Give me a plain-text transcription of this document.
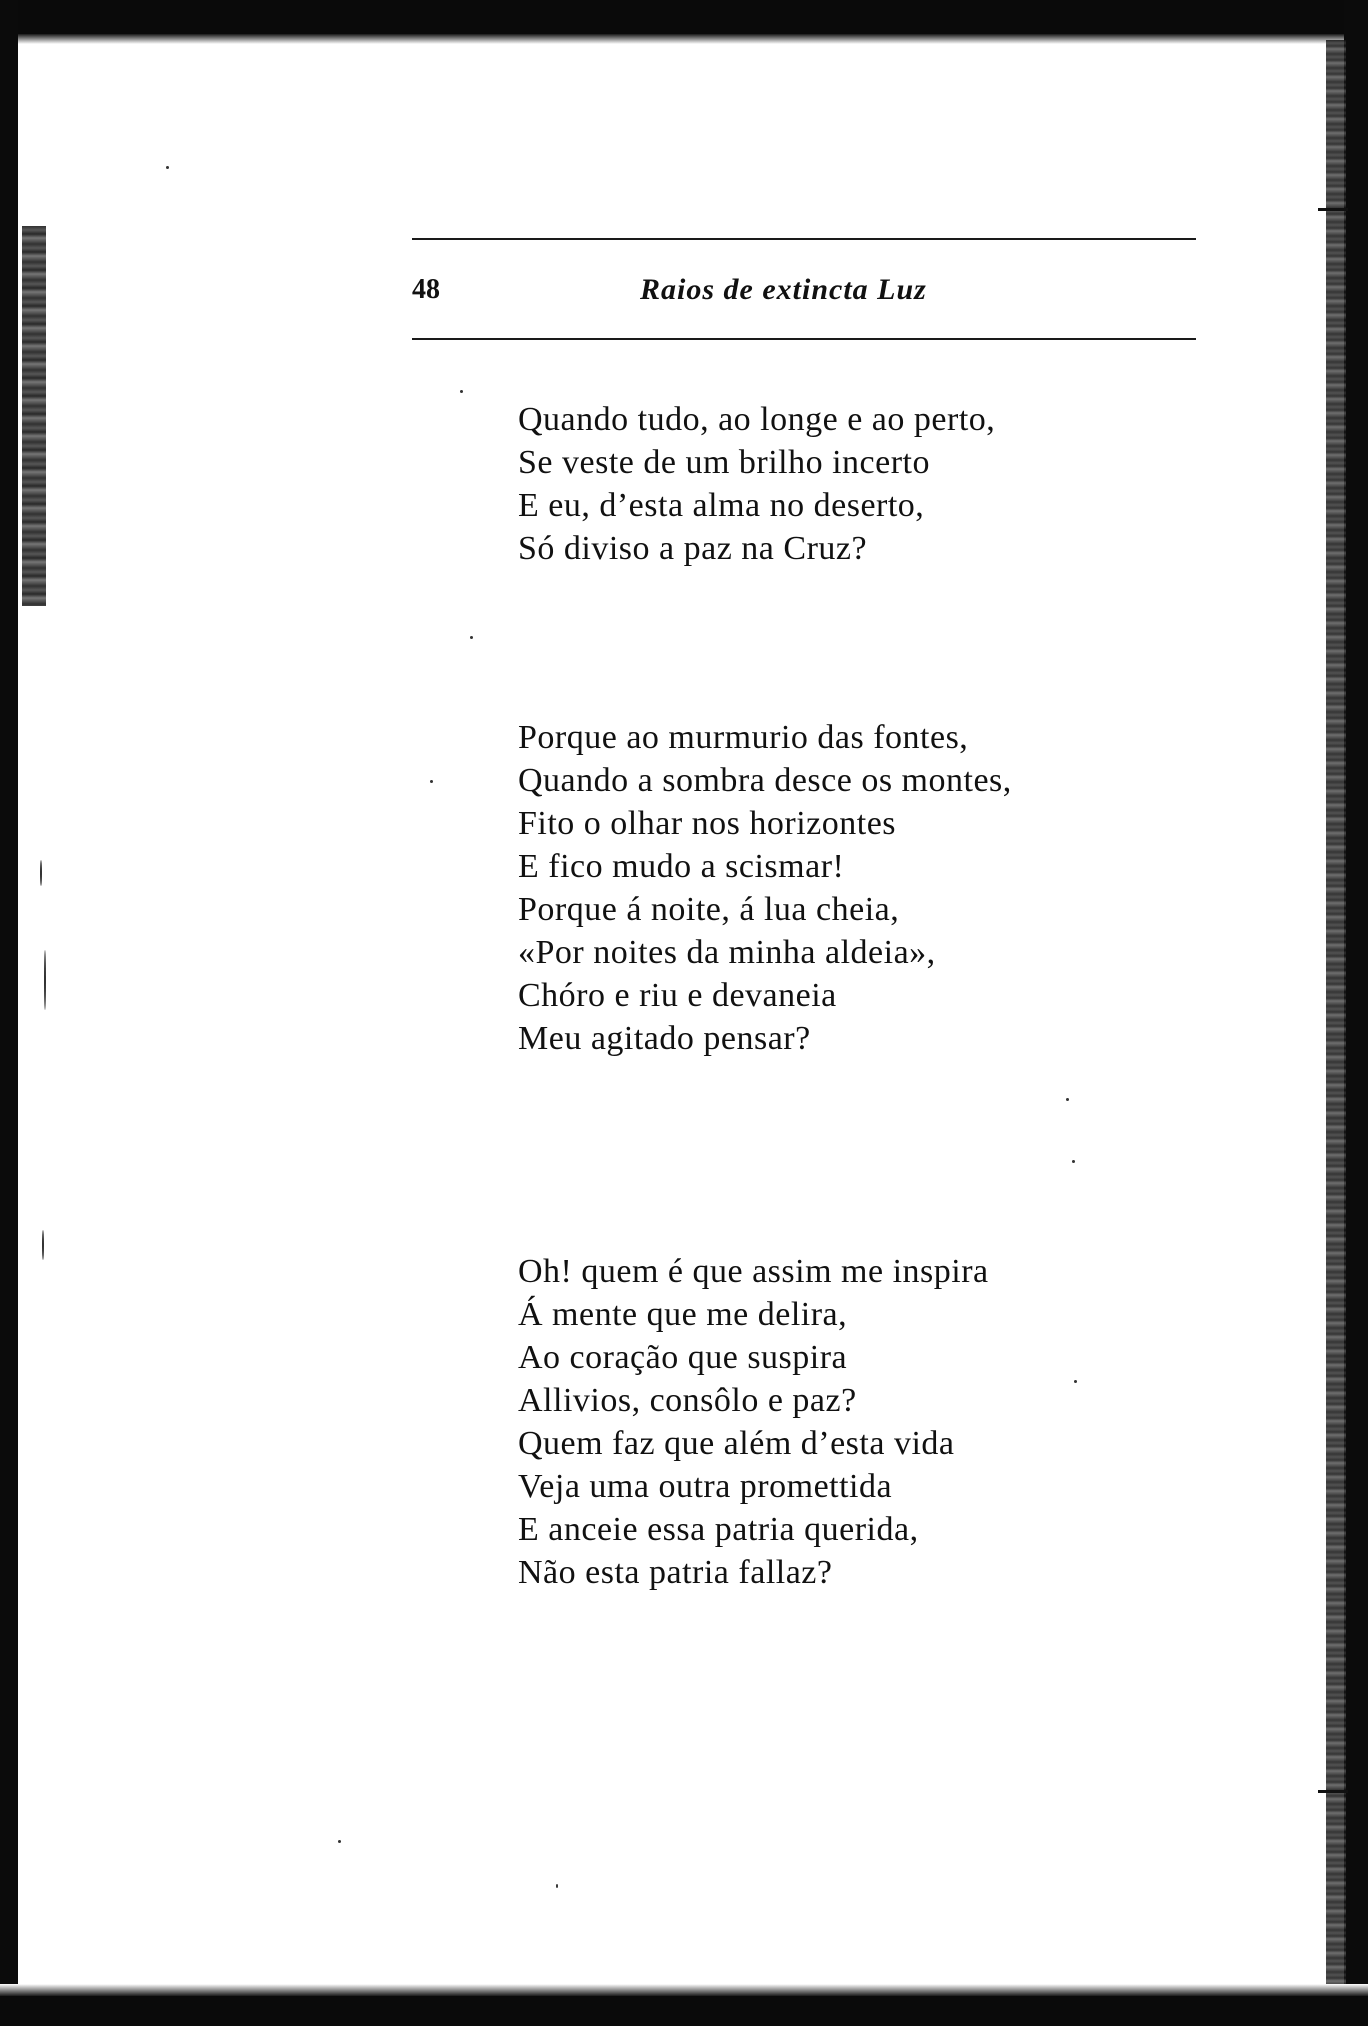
48	Raios de extincta Luz
Quando tudo, ao longe e ao perto,
Se veste de um brilho incerto
E eu, d’esta alma no deserto,
Só diviso a paz na Cruz?
Porque ao murmurio das fontes,
Quando a sombra desce os montes,
Fito o olhar nos horizontes
E fico mudo a scismar!
Porque á noite, á lua cheia,
«Por noites da minha aldeia»,
Chóro e riu e devaneia
Meu agitado pensar?
Oh! quem é que assim me inspira
Á mente que me delira,
Ao coração que suspira
Allivios, consôlo e paz?
Quem faz que além d’esta vida
Veja uma outra promettida
E anceie essa patria querida,
Não esta patria fallaz?
